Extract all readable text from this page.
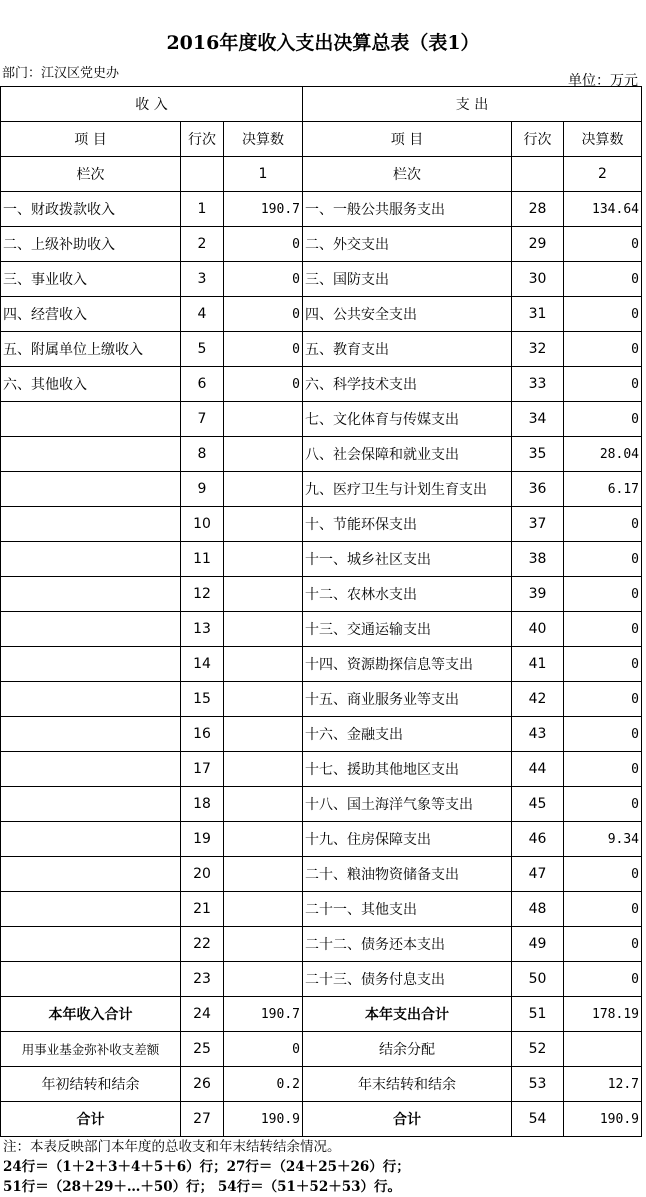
2016年度收入支出决算总表（表1）
部门：江汉区党史办	单位：万元
收 入			支 出		
项 目	行次	决算数	项 目	行次	决算数
栏次		1	栏次		2
一、财政拨款收入	1	190.7	一、一般公共服务支出	28	134.64
二、上级补助收入	2	0	二、外交支出	29	0
三、事业收入	3	0	三、国防支出	30	0
四、经营收入	4	0	四、公共安全支出	31	0
五、附属单位上缴收入	5	0	五、教育支出	32	0
六、其他收入	6	0	六、科学技术支出	33	0
	7		七、文化体育与传媒支出	34	0
	8		八、社会保障和就业支出	35	28.04
	9		九、医疗卫生与计划生育支出	36	6.17
	10		十、节能环保支出	37	0
	11		十一、城乡社区支出	38	0
	12		十二、农林水支出	39	0
	13		十三、交通运输支出	40	0
	14		十四、资源勘探信息等支出	41	0
	15		十五、商业服务业等支出	42	0
	16		十六、金融支出	43	0
	17		十七、援助其他地区支出	44	0
	18		十八、国土海洋气象等支出	45	0
	19		十九、住房保障支出	46	9.34
	20		二十、粮油物资储备支出	47	0
	21		二十一、其他支出	48	0
	22		二十二、债务还本支出	49	0
	23		二十三、债务付息支出	50	0
本年收入合计	24	190.7	本年支出合计	51	178.19
用事业基金弥补收支差额	25	0	结余分配	52	
年初结转和结余	26	0.2	年末结转和结余	53	12.7
合计	27	190.9	合计	54	190.9
注：本表反映部门本年度的总收支和年末结转结余情况。
24行＝（1＋2＋3＋4＋5＋6）行；27行＝（24＋25＋26）行；
51行＝（28＋29＋…＋50）行； 54行＝（51＋52＋53）行。
